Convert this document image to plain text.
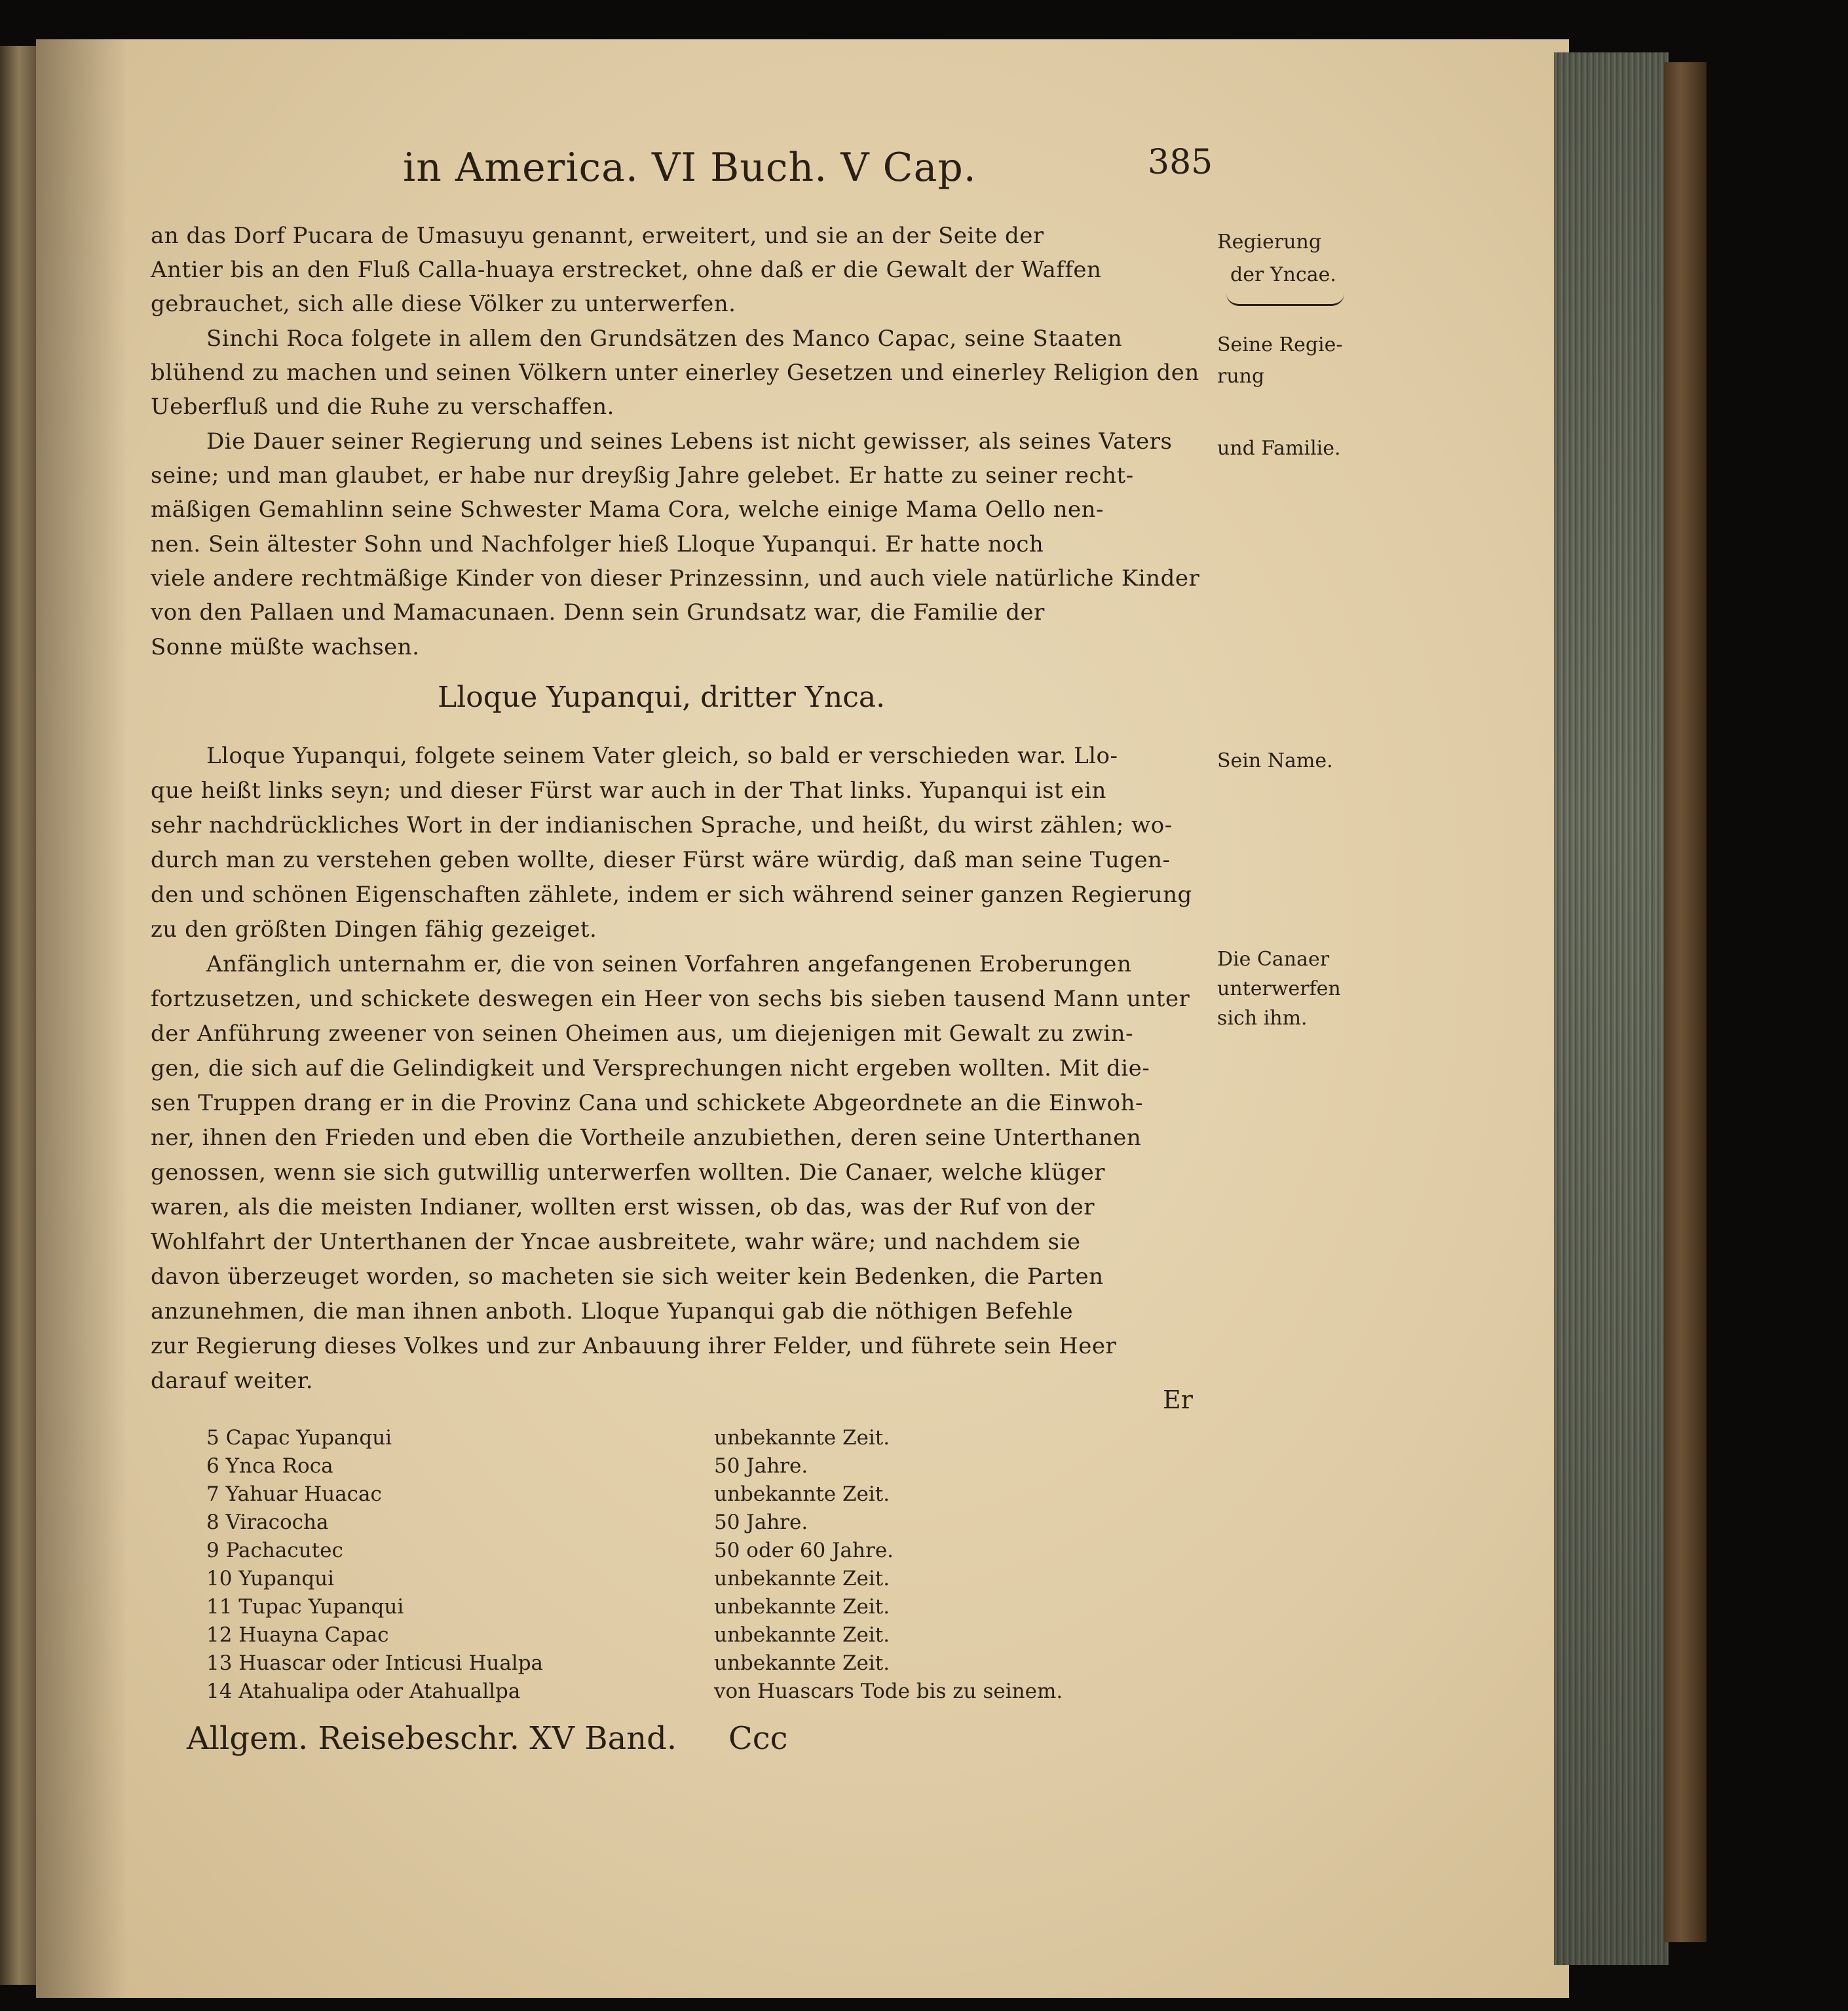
in America. VI Buch. V Cap.	385
an das Dorf Pucara de Umasuyu genannt, erweitert, und sie an der Seite der
Antier bis an den Fluß Calla-huaya erstrecket, ohne daß er die Gewalt der Waffen
gebrauchet, sich alle diese Völker zu unterwerfen.
Sinchi Roca folgete in allem den Grundsätzen des Manco Capac, seine Staaten
blühend zu machen und seinen Völkern unter einerley Gesetzen und einerley Religion den
Ueberfluß und die Ruhe zu verschaffen.
Die Dauer seiner Regierung und seines Lebens ist nicht gewisser, als seines Vaters
seine; und man glaubet, er habe nur dreyßig Jahre gelebet. Er hatte zu seiner recht-
mäßigen Gemahlinn seine Schwester Mama Cora, welche einige Mama Oello nen-
nen. Sein ältester Sohn und Nachfolger hieß Lloque Yupanqui. Er hatte noch
viele andere rechtmäßige Kinder von dieser Prinzessinn, und auch viele natürliche Kinder
von den Pallaen und Mamacunaen. Denn sein Grundsatz war, die Familie der
Sonne müßte wachsen.
Lloque Yupanqui, dritter Ynca.
Lloque Yupanqui, folgete seinem Vater gleich, so bald er verschieden war. Llo-
que heißt links seyn; und dieser Fürst war auch in der That links. Yupanqui ist ein
sehr nachdrückliches Wort in der indianischen Sprache, und heißt, du wirst zählen; wo-
durch man zu verstehen geben wollte, dieser Fürst wäre würdig, daß man seine Tugen-
den und schönen Eigenschaften zählete, indem er sich während seiner ganzen Regierung
zu den größten Dingen fähig gezeiget.
Anfänglich unternahm er, die von seinen Vorfahren angefangenen Eroberungen
fortzusetzen, und schickete deswegen ein Heer von sechs bis sieben tausend Mann unter
der Anführung zweener von seinen Oheimen aus, um diejenigen mit Gewalt zu zwin-
gen, die sich auf die Gelindigkeit und Versprechungen nicht ergeben wollten. Mit die-
sen Truppen drang er in die Provinz Cana und schickete Abgeordnete an die Einwoh-
ner, ihnen den Frieden und eben die Vortheile anzubiethen, deren seine Unterthanen
genossen, wenn sie sich gutwillig unterwerfen wollten. Die Canaer, welche klüger
waren, als die meisten Indianer, wollten erst wissen, ob das, was der Ruf von der
Wohlfahrt der Unterthanen der Yncae ausbreitete, wahr wäre; und nachdem sie
davon überzeuget worden, so macheten sie sich weiter kein Bedenken, die Parten
anzunehmen, die man ihnen anboth. Lloque Yupanqui gab die nöthigen Befehle
zur Regierung dieses Volkes und zur Anbauung ihrer Felder, und führete sein Heer
darauf weiter.
Er
Regierung
der Yncae.
Seine Regie-
rung
und Familie.
Sein Name.
Die Canaer
unterwerfen
sich ihm.
5 Capac Yupanqui	unbekannte Zeit.
6 Ynca Roca	50 Jahre.
7 Yahuar Huacac	unbekannte Zeit.
8 Viracocha	50 Jahre.
9 Pachacutec	50 oder 60 Jahre.
10 Yupanqui	unbekannte Zeit.
11 Tupac Yupanqui	unbekannte Zeit.
12 Huayna Capac	unbekannte Zeit.
13 Huascar oder Inticusi Hualpa	unbekannte Zeit.
14 Atahualipa oder Atahuallpa	von Huascars Tode bis zu seinem.
Allgem. Reisebeschr. XV Band. Ccc
